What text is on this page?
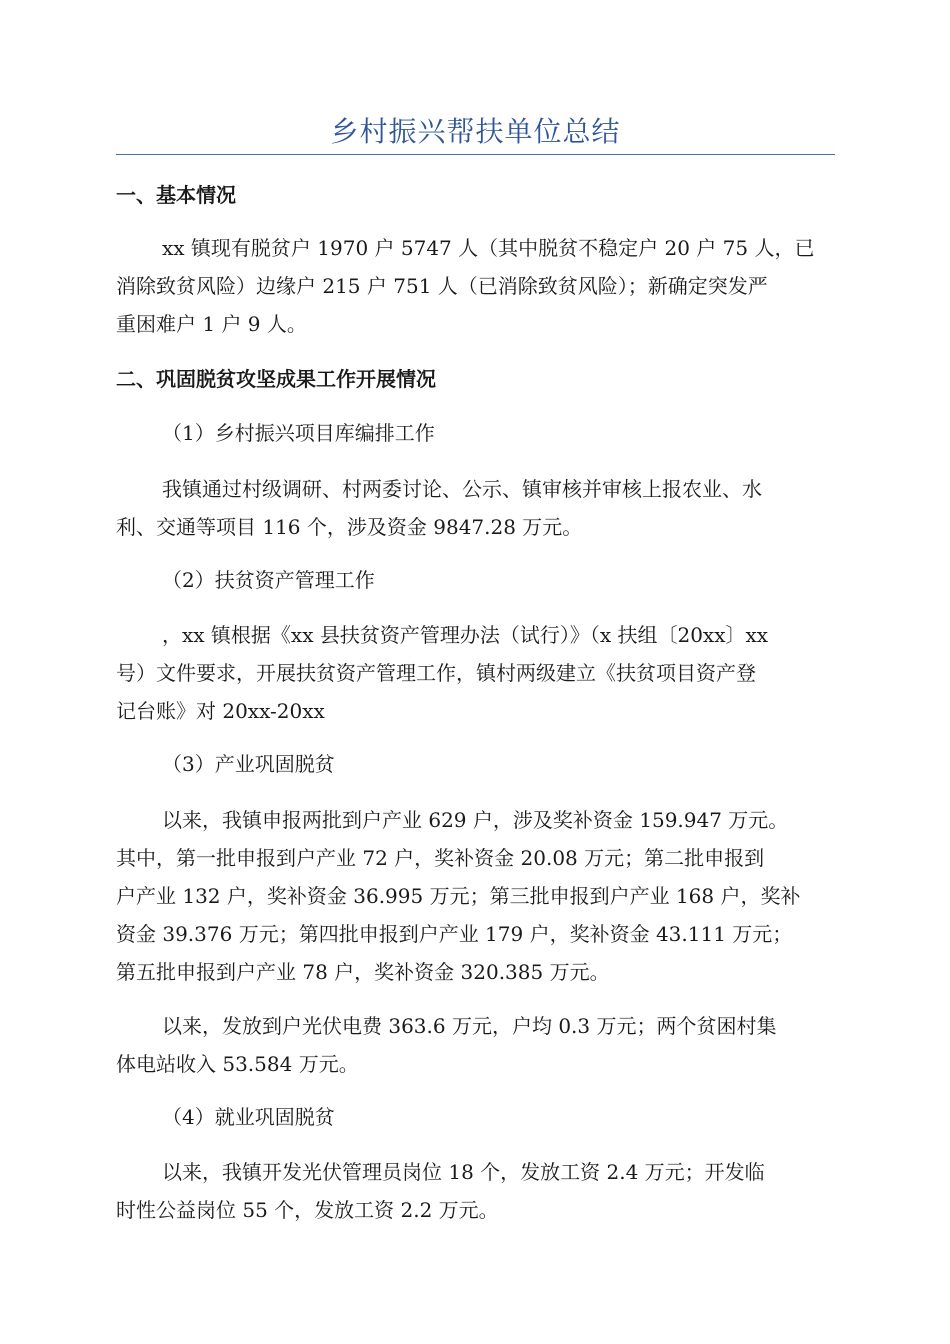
乡村振兴帮扶单位总结
一、基本情况
xx 镇现有脱贫户 1970 户 5747 人（其中脱贫不稳定户 20 户 75 人，已
消除致贫风险）边缘户 215 户 751 人（已消除致贫风险）；新确定突发严
重困难户 1 户 9 人。
二、巩固脱贫攻坚成果工作开展情况
（1）乡村振兴项目库编排工作
我镇通过村级调研、村两委讨论、公示、镇审核并审核上报农业、水
利、交通等项目 116 个，涉及资金 9847.28 万元。
（2）扶贫资产管理工作
，xx 镇根据《xx 县扶贫资产管理办法（试行）》（x 扶组〔20xx〕xx
号）文件要求，开展扶贫资产管理工作，镇村两级建立《扶贫项目资产登
记台账》对 20xx-20xx
（3）产业巩固脱贫
以来，我镇申报两批到户产业 629 户，涉及奖补资金 159.947 万元。
其中，第一批申报到户产业 72 户，奖补资金 20.08 万元；第二批申报到
户产业 132 户，奖补资金 36.995 万元；第三批申报到户产业 168 户，奖补
资金 39.376 万元；第四批申报到户产业 179 户，奖补资金 43.111 万元；
第五批申报到户产业 78 户，奖补资金 320.385 万元。
以来，发放到户光伏电费 363.6 万元，户均 0.3 万元；两个贫困村集
体电站收入 53.584 万元。
（4）就业巩固脱贫
以来，我镇开发光伏管理员岗位 18 个，发放工资 2.4 万元；开发临
时性公益岗位 55 个，发放工资 2.2 万元。
